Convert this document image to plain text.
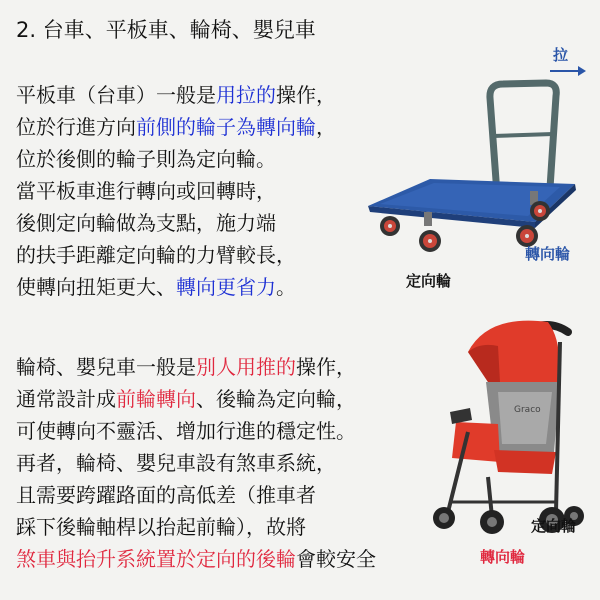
2. 台車、平板車、輪椅、嬰兒車
平板車（台車）一般是用拉的操作，
位於行進方向前側的輪子為轉向輪，
位於後側的輪子則為定向輪。
當平板車進行轉向或回轉時，
後側定向輪做為支點，施力端
的扶手距離定向輪的力臂較長，
使轉向扭矩更大、轉向更省力。
輪椅、嬰兒車一般是別人用推的操作，
通常設計成前輪轉向、後輪為定向輪，
可使轉向不靈活、增加行進的穩定性。
再者，輪椅、嬰兒車設有煞車系統，
且需要跨躍路面的高低差（推車者
踩下後輪軸桿以抬起前輪），故將
煞車與抬升系統置於定向的後輪會較安全
拉
轉向輪
定向輪
Graco
定向輪
轉向輪
